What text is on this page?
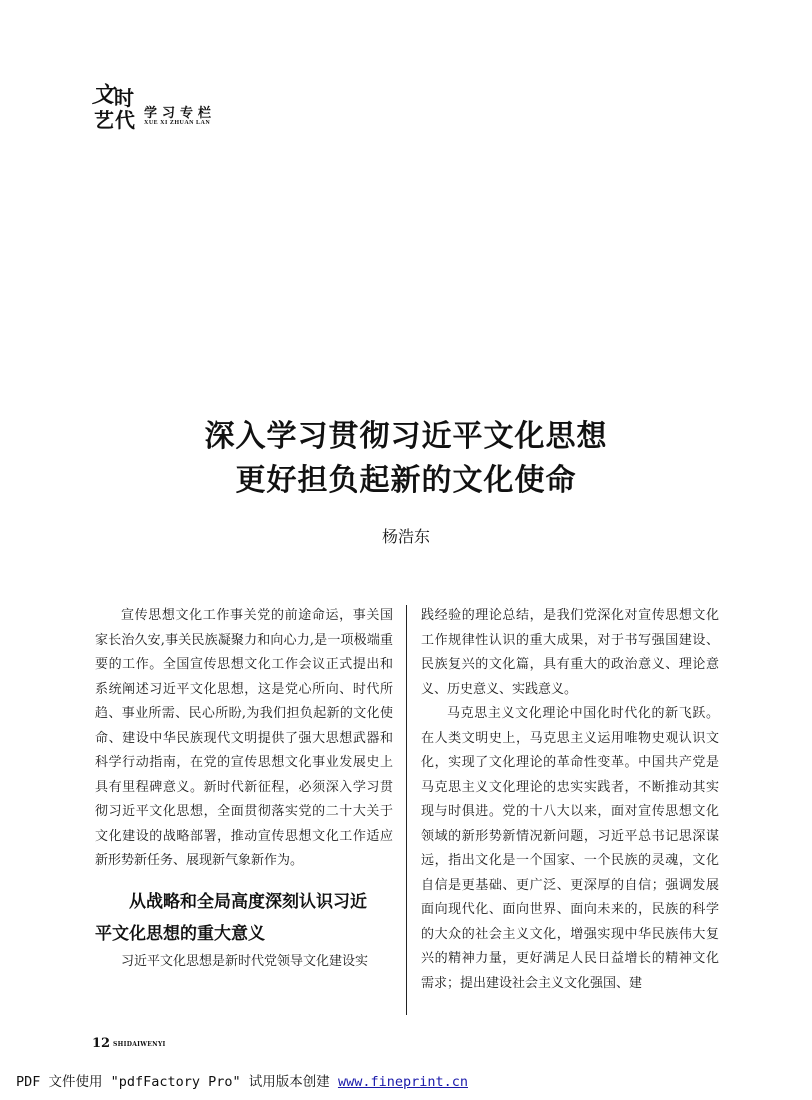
文 时
艺 代 学习专栏
XUE XI ZHUAN LAN
深入学习贯彻习近平文化思想
更好担负起新的文化使命
杨浩东

宣传思想文化工作事关党的前途命运，事关国家长治久安,事关民族凝聚力和向心力,是一项极端重要的工作。全国宣传思想文化工作会议正式提出和系统阐述习近平文化思想，这是党心所向、时代所趋、事业所需、民心所盼,为我们担负起新的文化使命、建设中华民族现代文明提供了强大思想武器和科学行动指南，在党的宣传思想文化事业发展史上具有里程碑意义。新时代新征程，必须深入学习贯彻习近平文化思想，全面贯彻落实党的二十大关于文化建设的战略部署，推动宣传思想文化工作适应新形势新任务、展现新气象新作为。

从战略和全局高度深刻认识习近
平文化思想的重大意义

习近平文化思想是新时代党领导文化建设实

践经验的理论总结，是我们党深化对宣传思想文化工作规律性认识的重大成果，对于书写强国建设、民族复兴的文化篇，具有重大的政治意义、理论意义、历史意义、实践意义。

马克思主义文化理论中国化时代化的新飞跃。在人类文明史上，马克思主义运用唯物史观认识文化，实现了文化理论的革命性变革。中国共产党是马克思主义文化理论的忠实实践者，不断推动其实现与时俱进。党的十八大以来，面对宣传思想文化领域的新形势新情况新问题，习近平总书记思深谋远，指出文化是一个国家、一个民族的灵魂，文化自信是更基础、更广泛、更深厚的自信；强调发展面向现代化、面向世界、面向未来的，民族的科学的大众的社会主义文化，增强实现中华民族伟大复兴的精神力量，更好满足人民日益增长的精神文化需求；提出建设社会主义文化强国、建

12 SHIDAIWENYI
PDF 文件使用 "pdfFactory Pro" 试用版本创建 www.fineprint.cn
